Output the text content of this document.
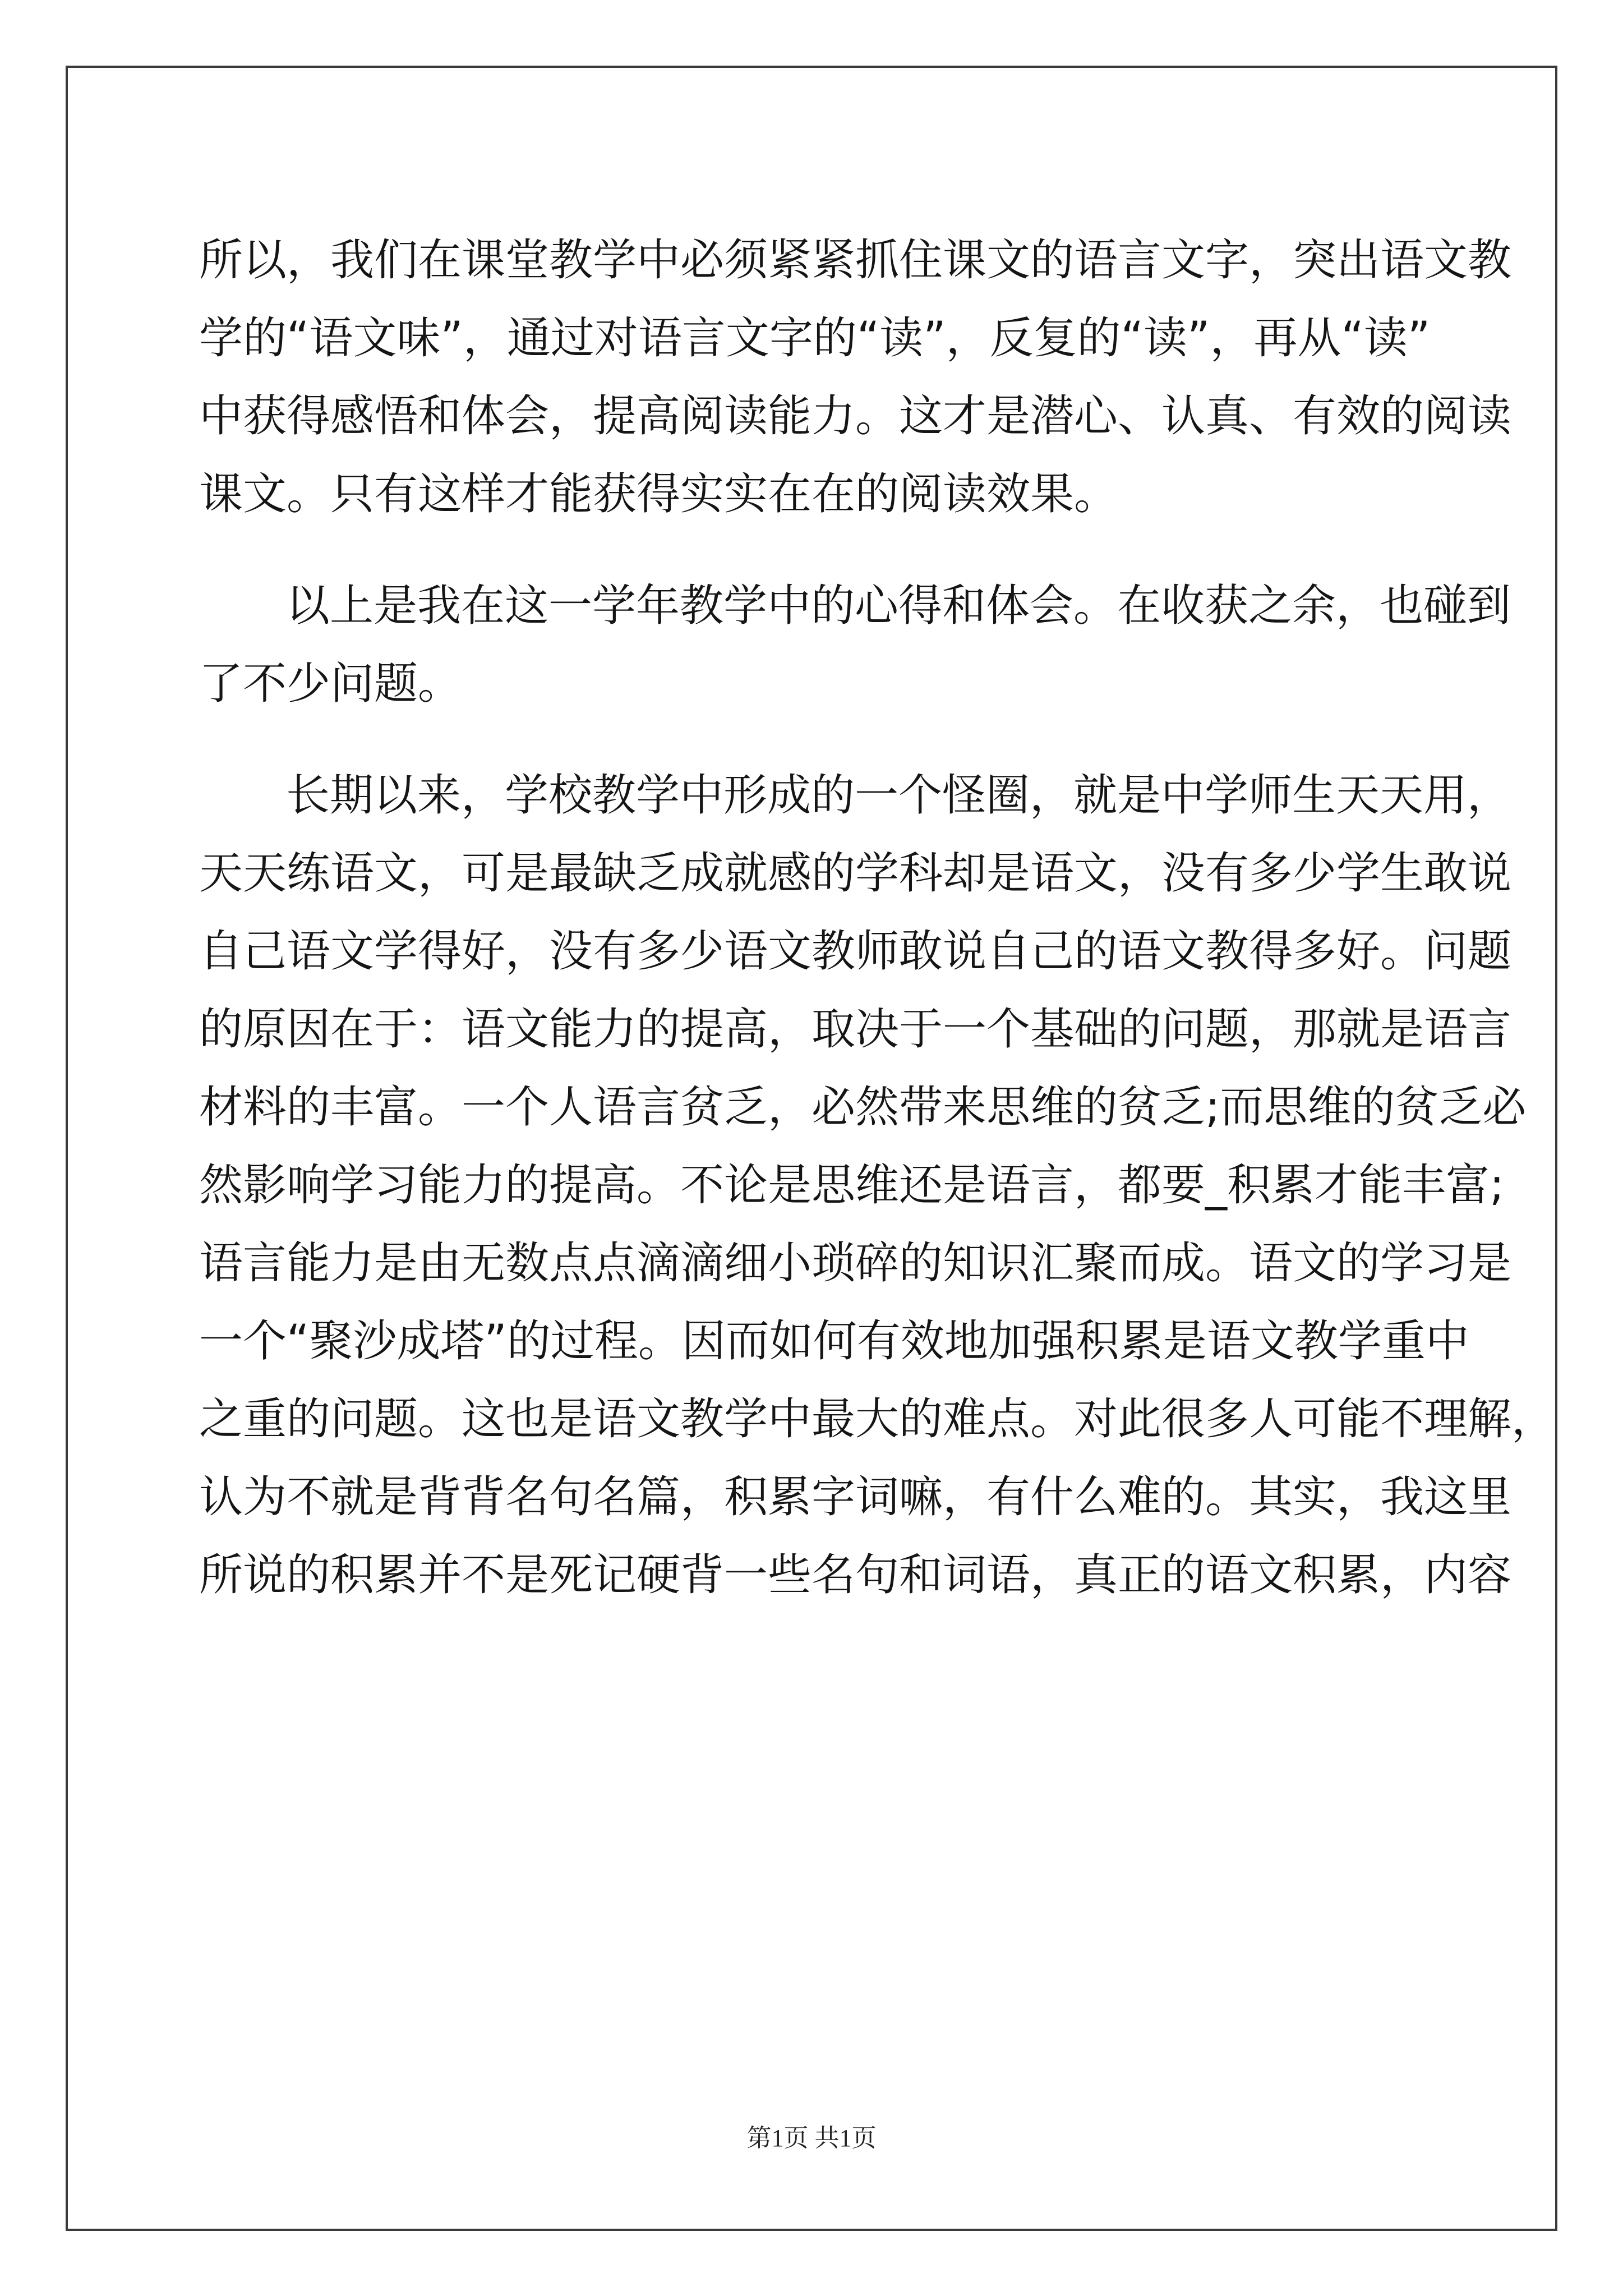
所以，我们在课堂教学中必须紧紧抓住课文的语言文字，突出语文教
学的“语文味”，通过对语言文字的“读”，反复的“读”，再从“读”
中获得感悟和体会，提高阅读能力。这才是潜心、认真、有效的阅读
课文。只有这样才能获得实实在在的阅读效果。
以上是我在这一学年教学中的心得和体会。在收获之余，也碰到
了不少问题。
长期以来，学校教学中形成的一个怪圈，就是中学师生天天用，
天天练语文，可是最缺乏成就感的学科却是语文，没有多少学生敢说
自己语文学得好，没有多少语文教师敢说自己的语文教得多好。问题
的原因在于：语文能力的提高，取决于一个基础的问题，那就是语言
材料的丰富。一个人语言贫乏，必然带来思维的贫乏;而思维的贫乏必
然影响学习能力的提高。不论是思维还是语言，都要_积累才能丰富;
语言能力是由无数点点滴滴细小琐碎的知识汇聚而成。语文的学习是
一个“聚沙成塔”的过程。因而如何有效地加强积累是语文教学重中
之重的问题。这也是语文教学中最大的难点。对此很多人可能不理解，
认为不就是背背名句名篇，积累字词嘛，有什么难的。其实，我这里
所说的积累并不是死记硬背一些名句和词语，真正的语文积累，内容
第1页 共1页
